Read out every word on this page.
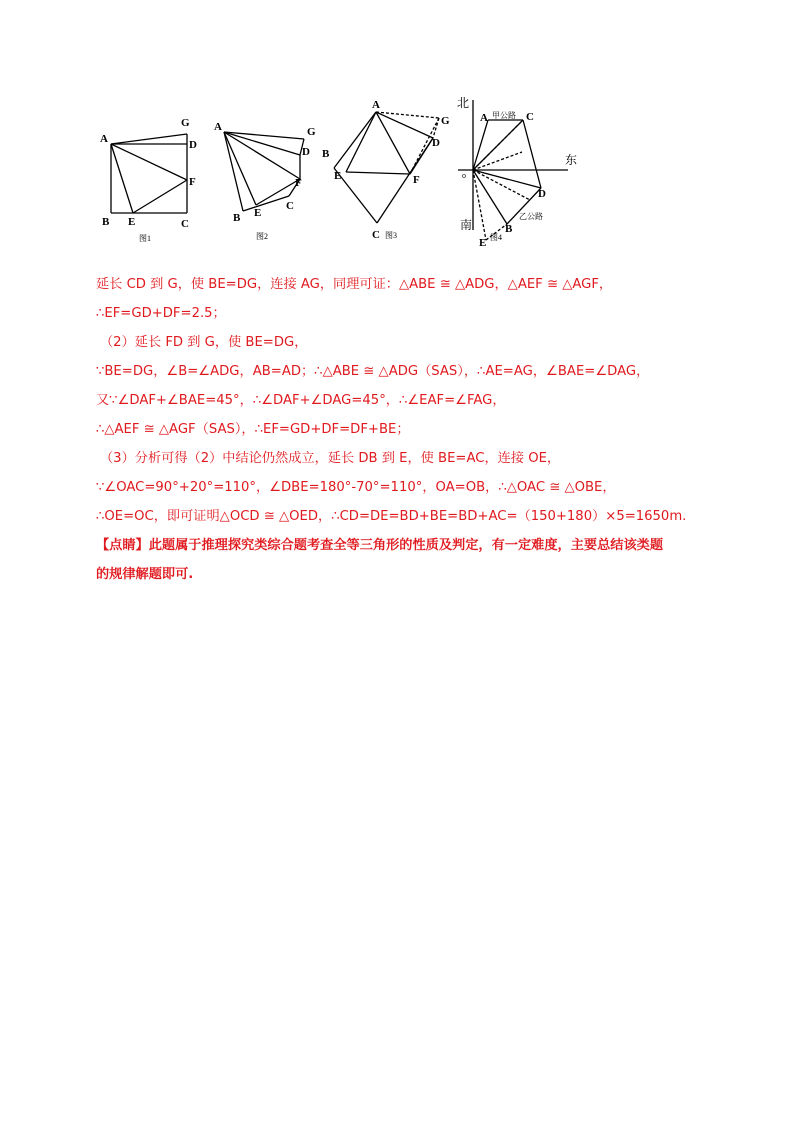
A
G
D
F
B E	C
图1
A	G
D
F
B E
C
图2
A
G
B
D
E	F
C 图3
北
A 甲公路 C
东
o
D
乙公路
南	B
E 图4
延长 CD 到 G，使 BE=DG，连接 AG，同理可证：△ABE ≅ △ADG，△AEF ≅ △AGF，
∴EF=GD+DF=2.5；
（2）延长 FD 到 G，使 BE=DG，
∵BE=DG，∠B=∠ADG，AB=AD；∴△ABE ≅ △ADG（SAS），∴AE=AG，∠BAE=∠DAG，
又∵∠DAF+∠BAE=45°，∴∠DAF+∠DAG=45°，∴∠EAF=∠FAG，
∴△AEF ≅ △AGF（SAS），∴EF=GD+DF=DF+BE；
（3）分析可得（2）中结论仍然成立，延长 DB 到 E，使 BE=AC，连接 OE，
∵∠OAC=90°+20°=110°，∠DBE=180°-70°=110°，OA=OB，∴△OAC ≅ △OBE，
∴OE=OC，即可证明△OCD ≅ △OED，∴CD=DE=BD+BE=BD+AC=（150+180）×5=1650m.
【点睛】此题属于推理探究类综合题考查全等三角形的性质及判定，有一定难度，主要总结该类题
的规律解题即可.
